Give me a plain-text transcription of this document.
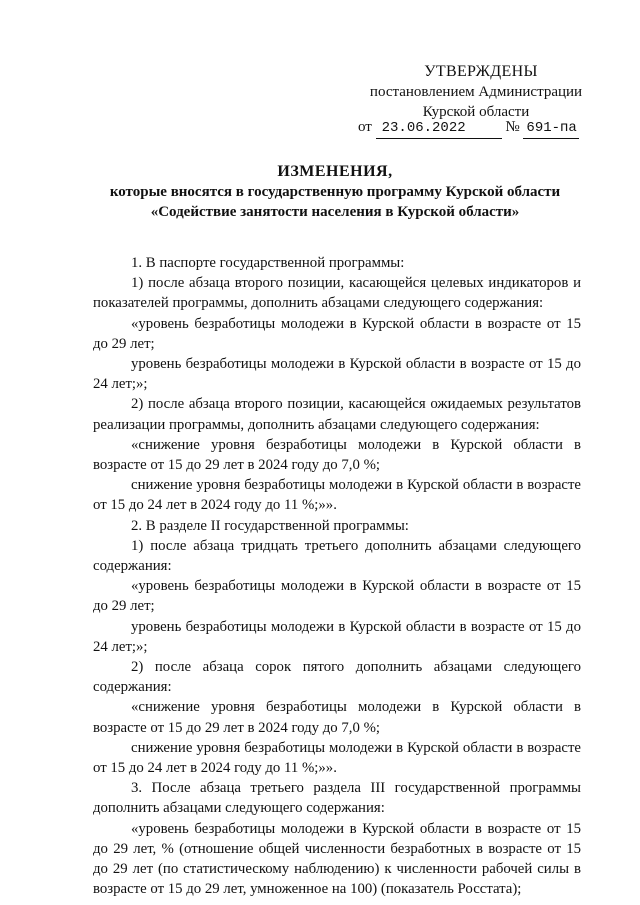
УТВЕРЖДЕНЫ
постановлением Администрации
Курской области
от 23.06.2022	№ 691-па
ИЗМЕНЕНИЯ,
которые вносятся в государственную программу Курской области
«Содействие занятости населения в Курской области»

1. В паспорте государственной программы:

1) после абзаца второго позиции, касающейся целевых индикаторов и показателей программы, дополнить абзацами следующего содержания:

«уровень безработицы молодежи в Курской области в возрасте от 15 до 29 лет;

уровень безработицы молодежи в Курской области в возрасте от 15 до 24 лет;»;

2) после абзаца второго позиции, касающейся ожидаемых результатов реализации программы, дополнить абзацами следующего содержания:

«снижение уровня безработицы молодежи в Курской области в возрасте от 15 до 29 лет в 2024 году до 7,0 %;

снижение уровня безработицы молодежи в Курской области в возрасте от 15 до 24 лет в 2024 году до 11 %;»».

2. В разделе II государственной программы:

1) после абзаца тридцать третьего дополнить абзацами следующего содержания:

«уровень безработицы молодежи в Курской области в возрасте от 15 до 29 лет;

уровень безработицы молодежи в Курской области в возрасте от 15 до 24 лет;»;

2) после абзаца сорок пятого дополнить абзацами следующего содержания:

«снижение уровня безработицы молодежи в Курской области в возрасте от 15 до 29 лет в 2024 году до 7,0 %;

снижение уровня безработицы молодежи в Курской области в возрасте от 15 до 24 лет в 2024 году до 11 %;»».

3. После абзаца третьего раздела III государственной программы дополнить абзацами следующего содержания:

«уровень безработицы молодежи в Курской области в возрасте от 15 до 29 лет, % (отношение общей численности безработных в возрасте от 15 до 29 лет (по статистическому наблюдению) к численности рабочей силы в возрасте от 15 до 29 лет, умноженное на 100) (показатель Росстата);
